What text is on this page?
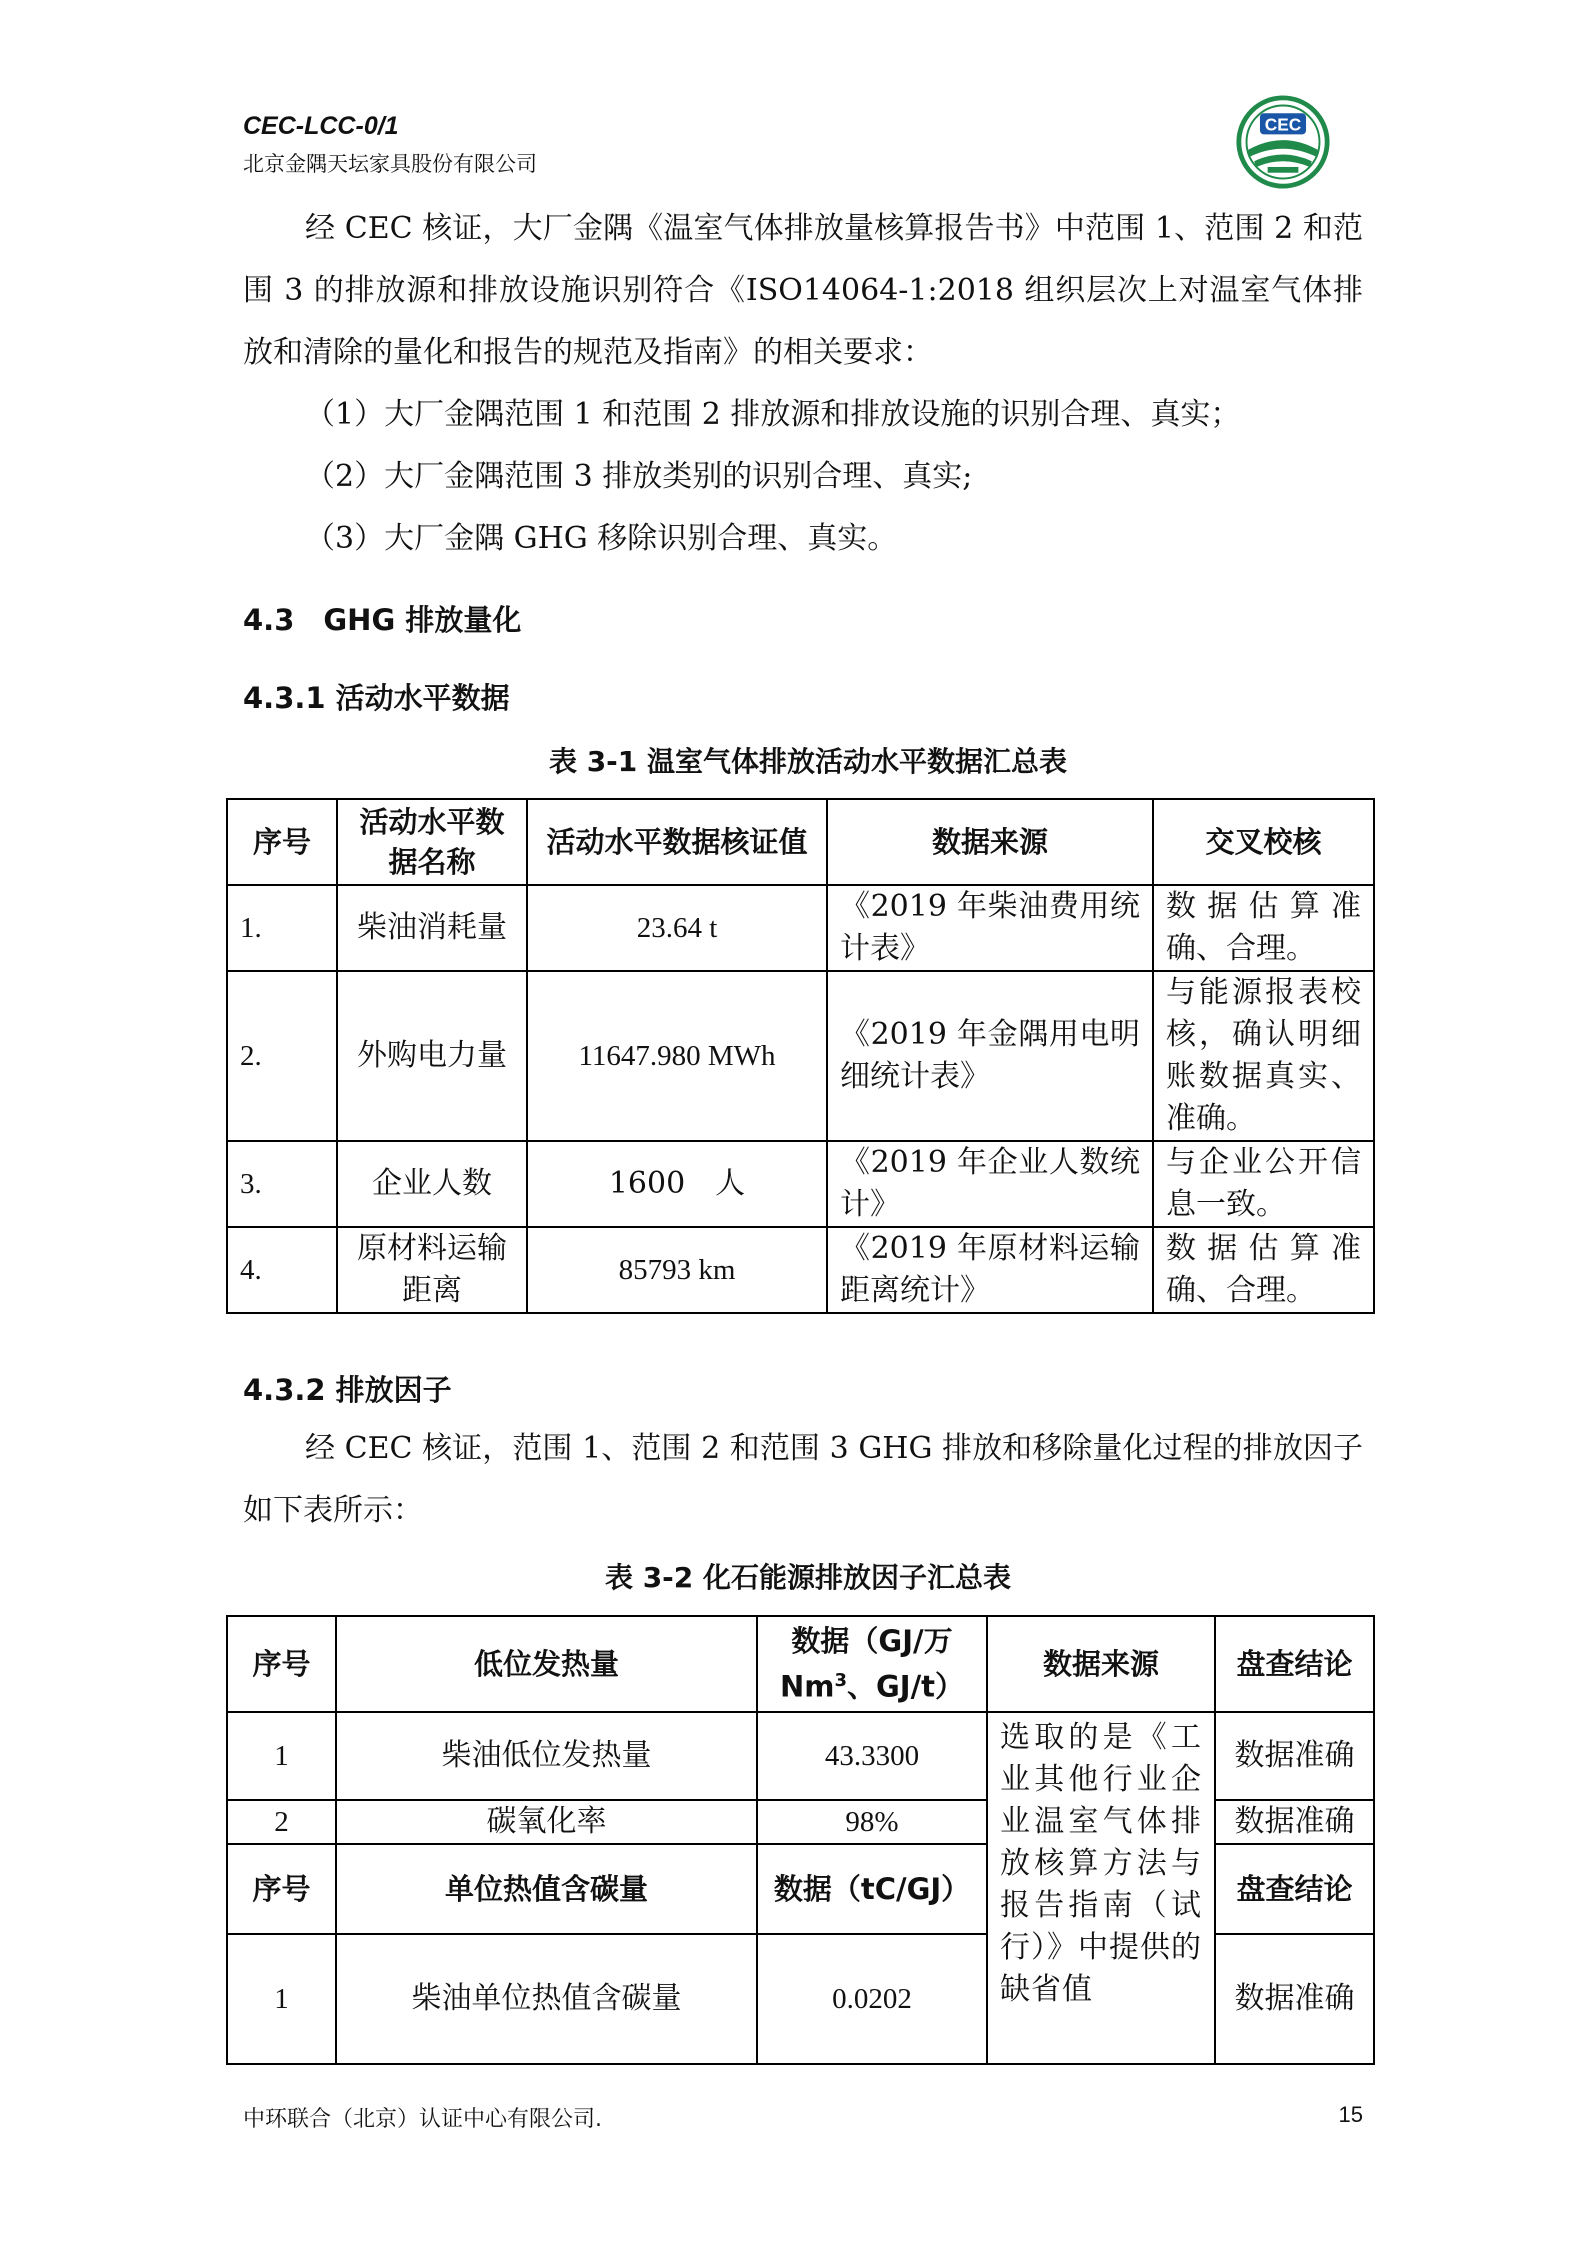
CEC-LCC-0/1
北京金隅天坛家具股份有限公司
CEC

经 CEC 核证，大厂金隅《温室气体排放量核算报告书》中范围 1、范围 2 和范围 3 的排放源和排放设施识别符合《ISO14064-1:2018 组织层次上对温室气体排放和清除的量化和报告的规范及指南》的相关要求：

（1）大厂金隅范围 1 和范围 2 排放源和排放设施的识别合理、真实；

（2）大厂金隅范围 3 排放类别的识别合理、真实;

（3）大厂金隅 GHG 移除识别合理、真实。

4.3　GHG 排放量化
4.3.1 活动水平数据
表 3-1 温室气体排放活动水平数据汇总表
序号	活动水平数据名称	活动水平数据核证值	数据来源	交叉校核
1.	柴油消耗量	23.64 t	《2019 年柴油费用统计表》	数据估算准确、合理。
2.	外购电力量	11647.980 MWh	《2019 年金隅用电明细统计表》	与能源报表校核，确认明细账数据真实、准确。
3.	企业人数	1600　人	《2019 年企业人数统计》	与企业公开信息一致。
4.	原材料运输距离	85793 km	《2019 年原材料运输距离统计》	数据估算准确、合理。
4.3.2 排放因子

经 CEC 核证，范围 1、范围 2 和范围 3 GHG 排放和移除量化过程的排放因子如下表所示：

表 3-2 化石能源排放因子汇总表
序号	低位发热量	数据（GJ/万
Nm$^3$、GJ/t）	数据来源	盘查结论
1	柴油低位发热量	43.3300	选取的是《工业其他行业企业温室气体排放核算方法与报告指南（试行）》中提供的缺省值	数据准确
2	碳氧化率	98%		数据准确
序号	单位热值含碳量	数据（tC/GJ）		盘查结论
1	柴油单位热值含碳量	0.0202		数据准确
中环联合（北京）认证中心有限公司.	15
